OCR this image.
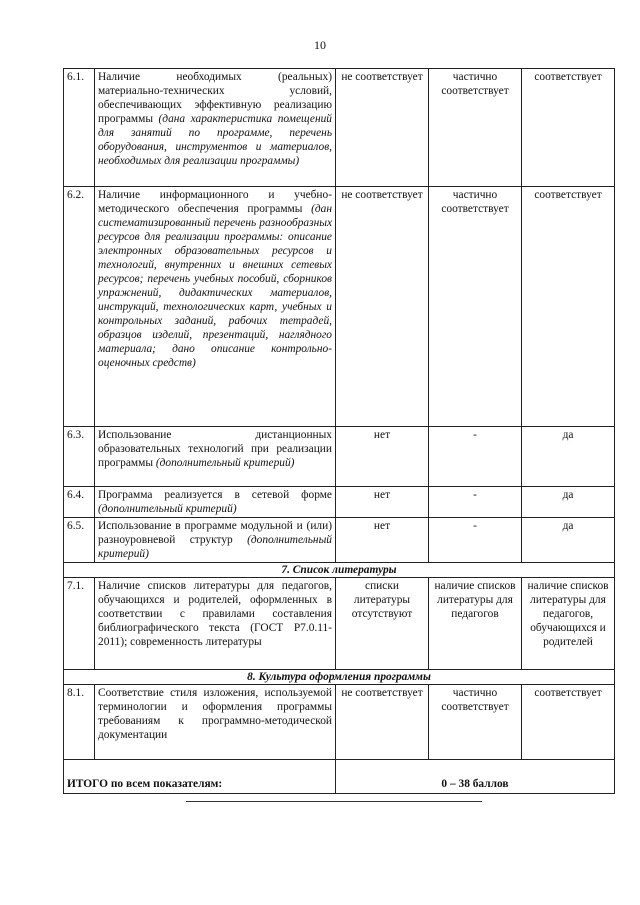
10
6.1.	Наличие необходимых (реальных) материально-технических условий, обеспечивающих эффективную реализацию программы (дана характеристика помещений для занятий по программе, перечень оборудования, инструментов и материалов, необходимых для реализации программы)	не соответствует	частично соответствует	соответствует
6.2.	Наличие информационного и учебно-методического обеспечения программы (дан систематизированный перечень разнообразных ресурсов для реализации программы: описание электронных образовательных ресурсов и технологий, внутренних и внешних сетевых ресурсов; перечень учебных пособий, сборников упражнений, дидактических материалов, инструкций, технологических карт, учебных и контрольных заданий, рабочих тетрадей, образцов изделий, презентаций, наглядного материала; дано описание контрольно-оценочных средств)	не соответствует	частично соответствует	соответствует
6.3.	Использование дистанционных образовательных технологий при реализации программы (дополнительный критерий)	нет	-	да
6.4.	Программа реализуется в сетевой форме (дополнительный критерий)	нет	-	да
6.5.	Использование в программе модульной и (или) разноуровневой структур (дополнительный критерий)	нет	-	да
7. Список литературы				
7.1.	Наличие списков литературы для педагогов, обучающихся и родителей, оформленных в соответствии с правилами составления библиографического текста (ГОСТ Р7.0.11-2011); современность литературы	списки литературы отсутствуют	наличие списков литературы для педагогов	наличие списков литературы для педагогов, обучающихся и родителей
8. Культура оформления программы				
8.1.	Соответствие стиля изложения, используемой терминологии и оформления программы требованиям к программно-методической документации	не соответствует	частично соответствует	соответствует
ИТОГО по всем показателям:		0 – 38 баллов		
